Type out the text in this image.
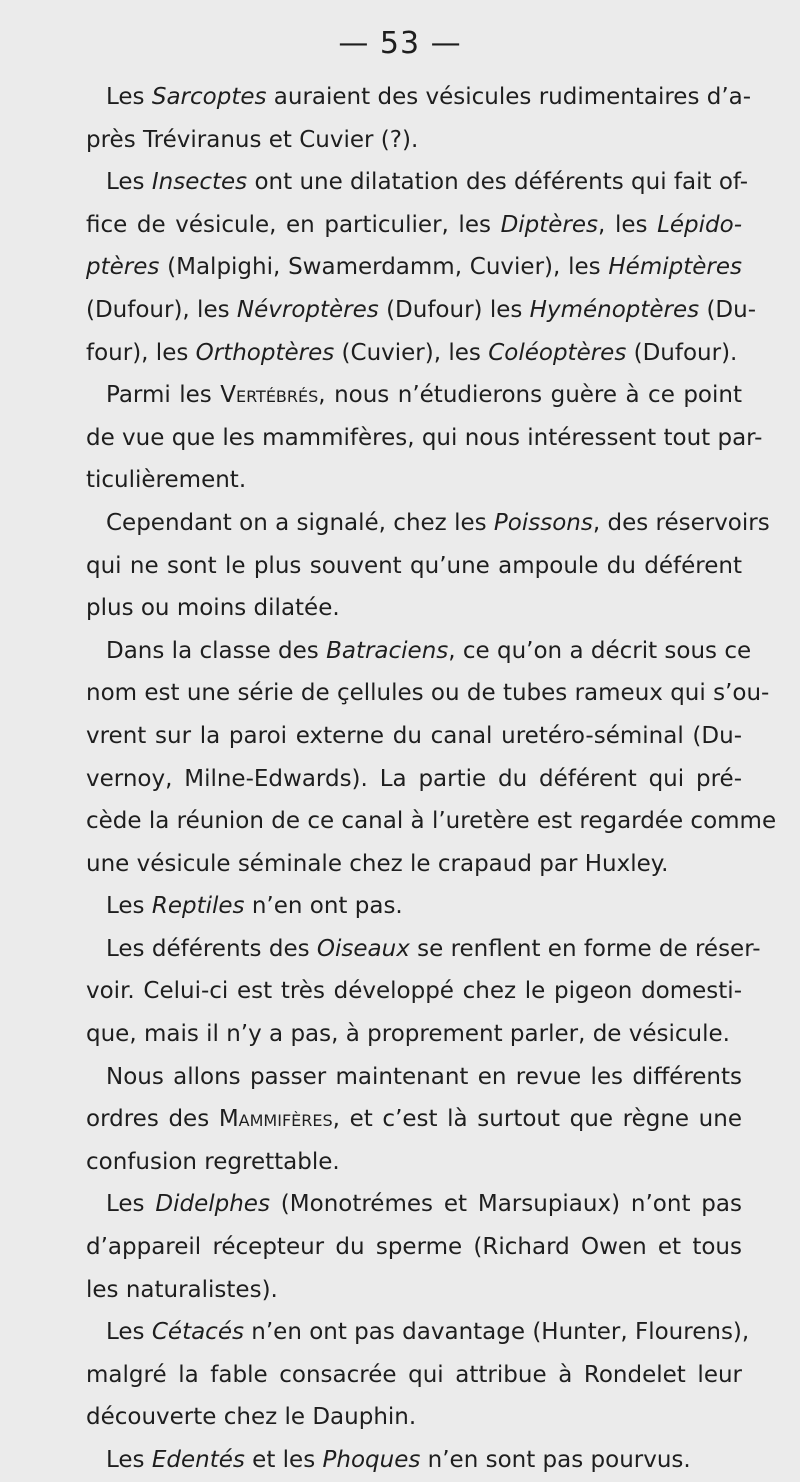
— 53 —
Les Sarcoptes auraient des vésicules rudimentaires d’a-
près Tréviranus et Cuvier (?).
Les Insectes ont une dilatation des déférents qui fait of-
fice de vésicule, en particulier, les Diptères, les Lépido-
ptères (Malpighi, Swamerdamm, Cuvier), les Hémiptères
(Dufour), les Névroptères (Dufour) les Hyménoptères (Du-
four), les Orthoptères (Cuvier), les Coléoptères (Dufour).
Parmi les Vertébrés, nous n’étudierons guère à ce point
de vue que les mammifères, qui nous intéressent tout par-
ticulièrement.
Cependant on a signalé, chez les Poissons, des réservoirs
qui ne sont le plus souvent qu’une ampoule du déférent
plus ou moins dilatée.
Dans la classe des Batraciens, ce qu’on a décrit sous ce
nom est une série de çellules ou de tubes rameux qui s’ou-
vrent sur la paroi externe du canal uretéro-séminal (Du-
vernoy, Milne-Edwards). La partie du déférent qui pré-
cède la réunion de ce canal à l’uretère est regardée comme
une vésicule séminale chez le crapaud par Huxley.
Les Reptiles n’en ont pas.
Les déférents des Oiseaux se renflent en forme de réser-
voir. Celui-ci est très développé chez le pigeon domesti-
que, mais il n’y a pas, à proprement parler, de vésicule.
Nous allons passer maintenant en revue les différents
ordres des Mammifères, et c’est là surtout que règne une
confusion regrettable.
Les Didelphes (Monotrémes et Marsupiaux) n’ont pas
d’appareil récepteur du sperme (Richard Owen et tous
les naturalistes).
Les Cétacés n’en ont pas davantage (Hunter, Flourens),
malgré la fable consacrée qui attribue à Rondelet leur
découverte chez le Dauphin.
Les Edentés et les Phoques n’en sont pas pourvus.
